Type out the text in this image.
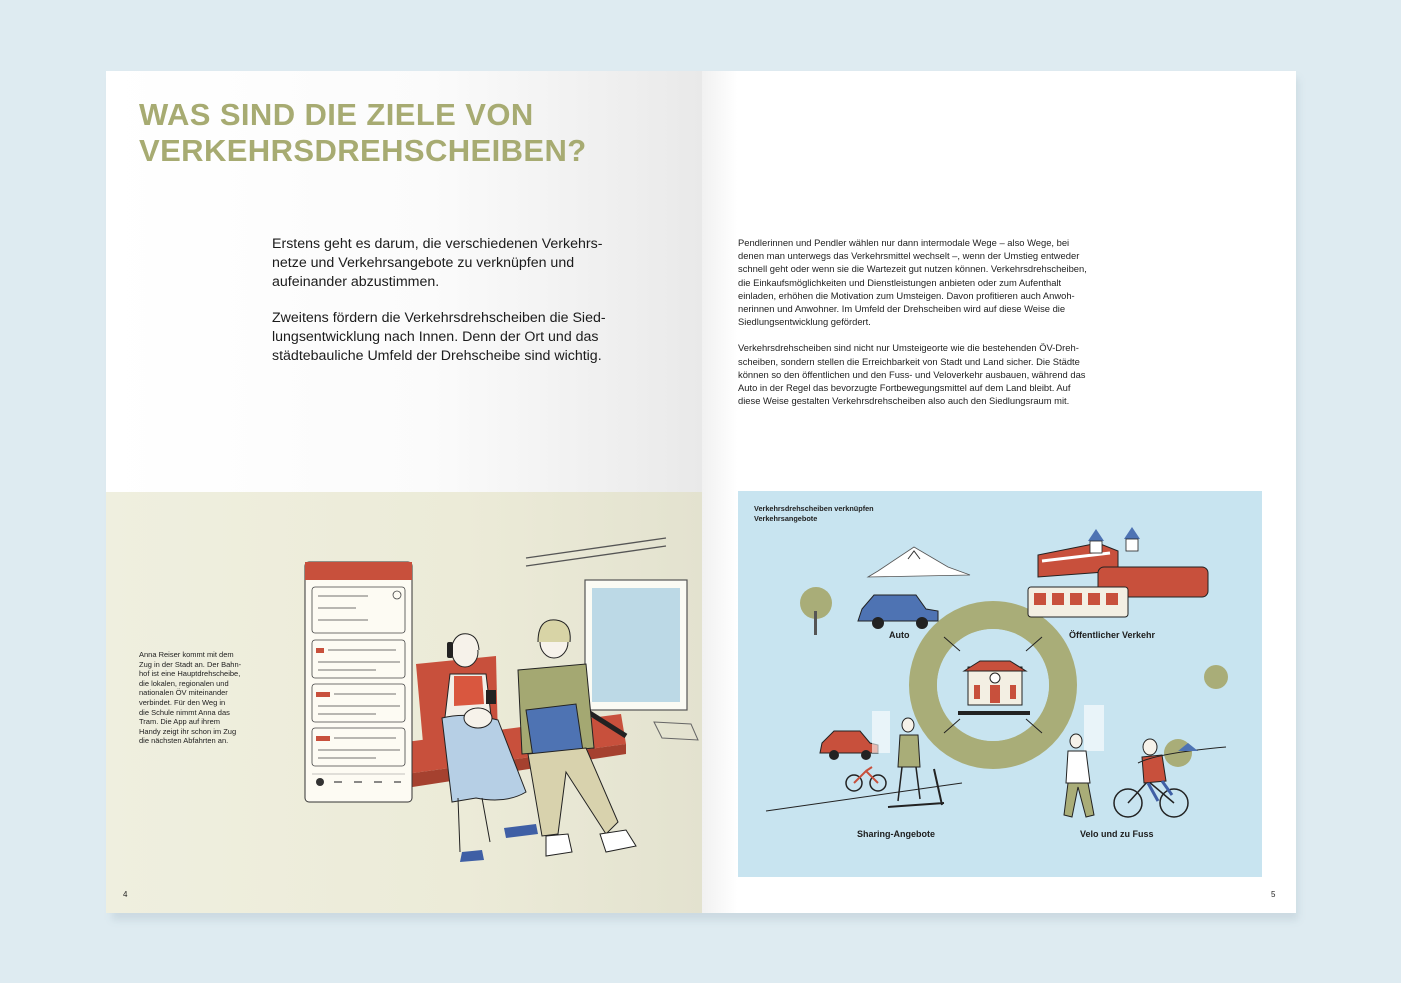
WAS SIND DIE ZIELE VON
VERKEHRSDREHSCHEIBEN?

Erstens geht es darum, die verschiedenen Verkehrs-
netze und Verkehrsangebote zu verknüpfen und
aufeinander abzustimmen.

Zweitens fördern die Verkehrsdrehscheiben die Sied-
lungsentwicklung nach Innen. Denn der Ort und das
städtebauliche Umfeld der Drehscheibe sind wichtig.

Anna Reiser kommt mit dem
Zug in der Stadt an. Der Bahn-
hof ist eine Hauptdrehscheibe,
die lokalen, regionalen und
nationalen ÖV miteinander
verbindet. Für den Weg in
die Schule nimmt Anna das
Tram. Die App auf ihrem
Handy zeigt ihr schon im Zug
die nächsten Abfahrten an.
4

Pendlerinnen und Pendler wählen nur dann intermodale Wege – also Wege, bei
denen man unterwegs das Verkehrsmittel wechselt –, wenn der Umstieg entweder
schnell geht oder wenn sie die Wartezeit gut nutzen können. Verkehrsdrehscheiben,
die Einkaufsmöglichkeiten und Dienstleistungen anbieten oder zum Aufenthalt
einladen, erhöhen die Motivation zum Umsteigen. Davon profitieren auch Anwoh-
nerinnen und Anwohner. Im Umfeld der Drehscheiben wird auf diese Weise die
Siedlungsentwicklung gefördert.

Verkehrsdrehscheiben sind nicht nur Umsteigeorte wie die bestehenden ÖV-Dreh-
scheiben, sondern stellen die Erreichbarkeit von Stadt und Land sicher. Die Städte
können so den öffentlichen und den Fuss- und Veloverkehr ausbauen, während das
Auto in der Regel das bevorzugte Fortbewegungsmittel auf dem Land bleibt. Auf
diese Weise gestalten Verkehrsdrehscheiben also auch den Siedlungsraum mit.

Verkehrsdrehscheiben verknüpfen
Verkehrsangebote
Auto	Öffentlicher Verkehr
Sharing-Angebote	Velo und zu Fuss
5
